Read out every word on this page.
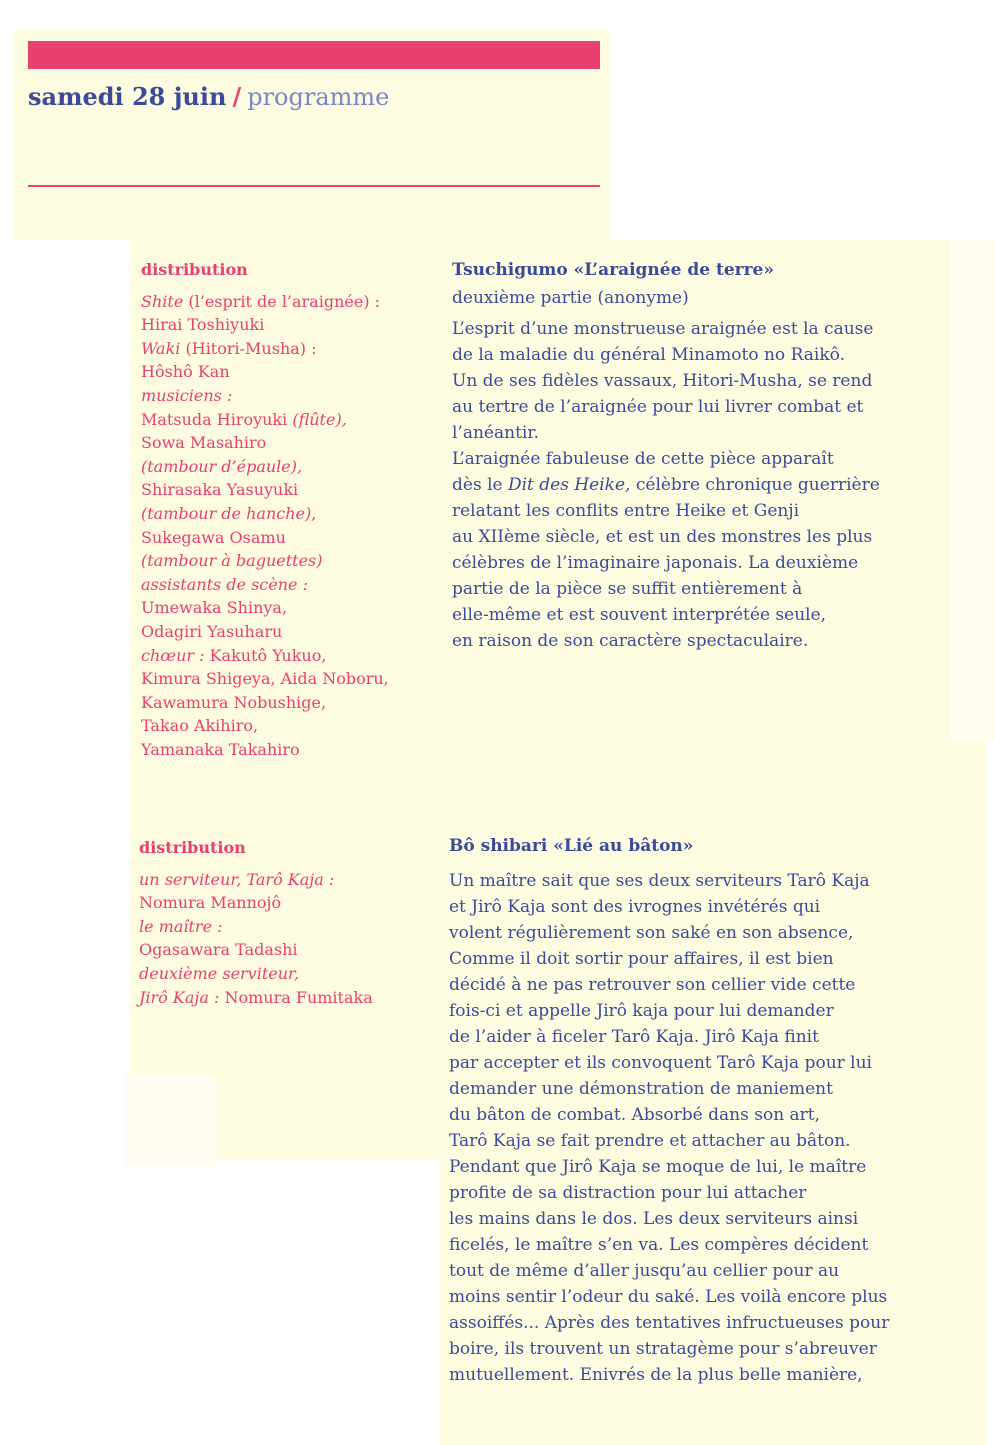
samedi 28 juin / programme
distribution
Shite (l’esprit de l’araignée) :
Hirai Toshiyuki
Waki (Hitori-Musha) :
Hôshô Kan
musiciens :
Matsuda Hiroyuki (flûte),
Sowa Masahiro
(tambour d’épaule),
Shirasaka Yasuyuki
(tambour de hanche),
Sukegawa Osamu
(tambour à baguettes)
assistants de scène :
Umewaka Shinya,
Odagiri Yasuharu
chœur : Kakutô Yukuo,
Kimura Shigeya, Aida Noboru,
Kawamura Nobushige,
Takao Akihiro,
Yamanaka Takahiro
Tsuchigumo «L’araignée de terre»
deuxième partie (anonyme)
L’esprit d’une monstrueuse araignée est la cause
de la maladie du général Minamoto no Raikô.
Un de ses fidèles vassaux, Hitori-Musha, se rend
au tertre de l’araignée pour lui livrer combat et
l’anéantir.
L’araignée fabuleuse de cette pièce apparaît
dès le Dit des Heike, célèbre chronique guerrière
relatant les conflits entre Heike et Genji
au XIIème siècle, et est un des monstres les plus
célèbres de l’imaginaire japonais. La deuxième
partie de la pièce se suffit entièrement à
elle-même et est souvent interprétée seule,
en raison de son caractère spectaculaire.
distribution
un serviteur, Tarô Kaja :
Nomura Mannojô
le maître :
Ogasawara Tadashi
deuxième serviteur,
Jirô Kaja : Nomura Fumitaka
Bô shibari «Lié au bâton»
Un maître sait que ses deux serviteurs Tarô Kaja
et Jirô Kaja sont des ivrognes invétérés qui
volent régulièrement son saké en son absence,
Comme il doit sortir pour affaires, il est bien
décidé à ne pas retrouver son cellier vide cette
fois-ci et appelle Jirô kaja pour lui demander
de l’aider à ficeler Tarô Kaja. Jirô Kaja finit
par accepter et ils convoquent Tarô Kaja pour lui
demander une démonstration de maniement
du bâton de combat. Absorbé dans son art,
Tarô Kaja se fait prendre et attacher au bâton.
Pendant que Jirô Kaja se moque de lui, le maître
profite de sa distraction pour lui attacher
les mains dans le dos. Les deux serviteurs ainsi
ficelés, le maître s’en va. Les compères décident
tout de même d’aller jusqu’au cellier pour au
moins sentir l’odeur du saké. Les voilà encore plus
assoiffés... Après des tentatives infructueuses pour
boire, ils trouvent un stratagème pour s’abreuver
mutuellement. Enivrés de la plus belle manière,
